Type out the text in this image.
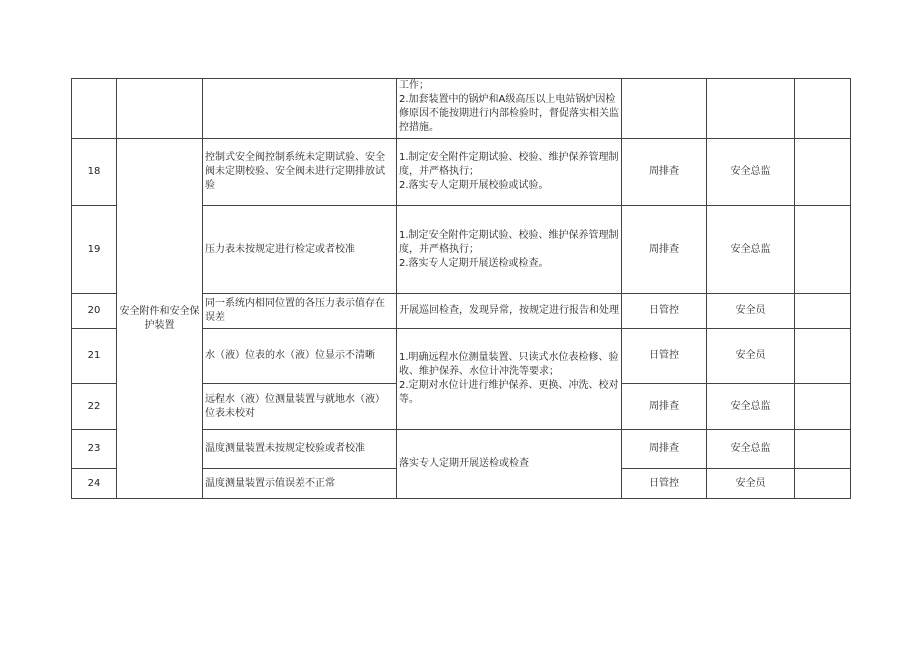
			工作；
2.加套装置中的锅炉和A级高压以上电站锅炉因检修原因不能按期进行内部检验时，督促落实相关监控措施。			
18	安全附件和安全保护装置	控制式安全阀控制系统未定期试验、安全阀未定期校验、安全阀未进行定期排放试验	1.制定安全附件定期试验、校验、维护保养管理制度，并严格执行；
2.落实专人定期开展校验或试验。	周排查	安全总监	
19		压力表未按规定进行检定或者校准	1.制定安全附件定期试验、校验、维护保养管理制度，并严格执行；
2.落实专人定期开展送检或检查。	周排查	安全总监	
20		同一系统内相同位置的各压力表示值存在误差	开展巡回检查，发现异常，按规定进行报告和处理	日管控	安全员	
21		水（液）位表的水（液）位显示不清晰	1.明确远程水位测量装置、只读式水位表检修、验收、维护保养、水位计冲洗等要求；
2.定期对水位计进行维护保养、更换、冲洗、校对等。	日管控	安全员	
22		远程水（液）位测量装置与就地水（液）位表未校对		周排查	安全总监	
23		温度测量装置未按规定校验或者校准	落实专人定期开展送检或检查	周排查	安全总监	
24		温度测量装置示值误差不正常		日管控	安全员	
